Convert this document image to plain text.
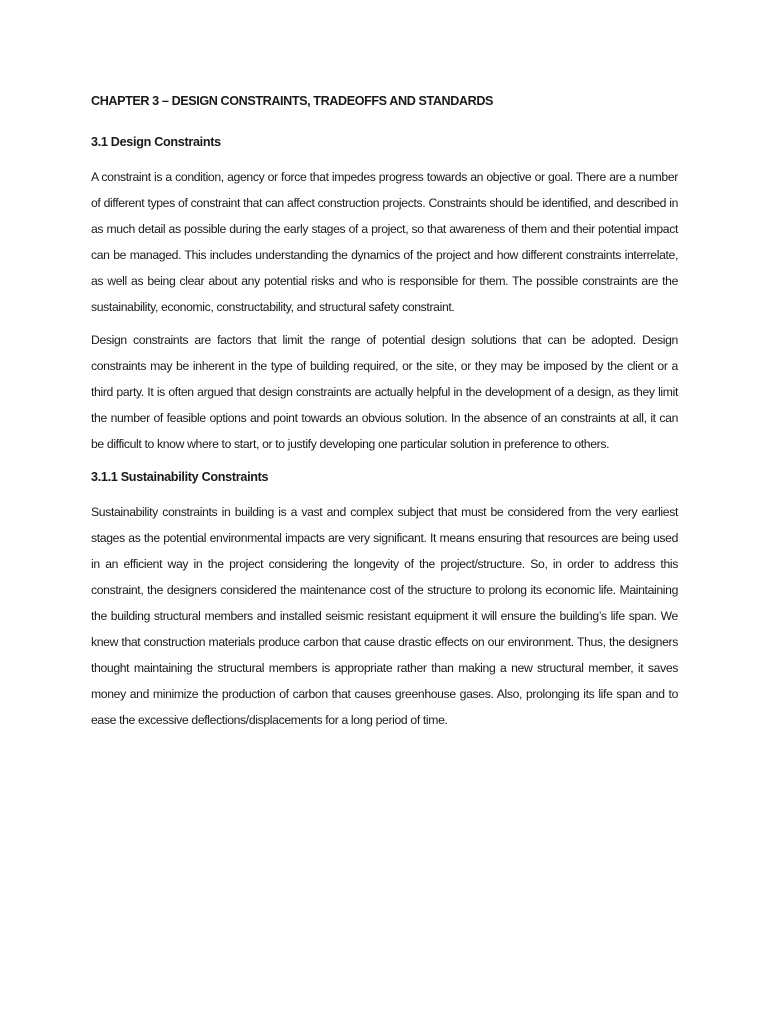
CHAPTER 3 – DESIGN CONSTRAINTS, TRADEOFFS AND STANDARDS
3.1 Design Constraints

A constraint is a condition, agency or force that impedes progress towards an objective or goal. There are a number of different types of constraint that can affect construction projects. Constraints should be identified, and described in as much detail as possible during the early stages of a project, so that awareness of them and their potential impact can be managed. This includes understanding the dynamics of the project and how different constraints interrelate, as well as being clear about any potential risks and who is responsible for them. The possible constraints are the sustainability, economic, constructability, and structural safety constraint.

Design constraints are factors that limit the range of potential design solutions that can be adopted. Design constraints may be inherent in the type of building required, or the site, or they may be imposed by the client or a third party. It is often argued that design constraints are actually helpful in the development of a design, as they limit the number of feasible options and point towards an obvious solution. In the absence of an constraints at all, it can be difficult to know where to start, or to justify developing one particular solution in preference to others.

3.1.1 Sustainability Constraints

Sustainability constraints in building is a vast and complex subject that must be considered from the very earliest stages as the potential environmental impacts are very significant. It means ensuring that resources are being used in an efficient way in the project considering the longevity of the project/structure. So, in order to address this constraint, the designers considered the maintenance cost of the structure to prolong its economic life. Maintaining the building structural members and installed seismic resistant equipment it will ensure the building’s life span. We knew that construction materials produce carbon that cause drastic effects on our environment. Thus, the designers thought maintaining the structural members is appropriate rather than making a new structural member, it saves money and minimize the production of carbon that causes greenhouse gases. Also, prolonging its life span and to ease the excessive deflections/displacements for a long period of time.
